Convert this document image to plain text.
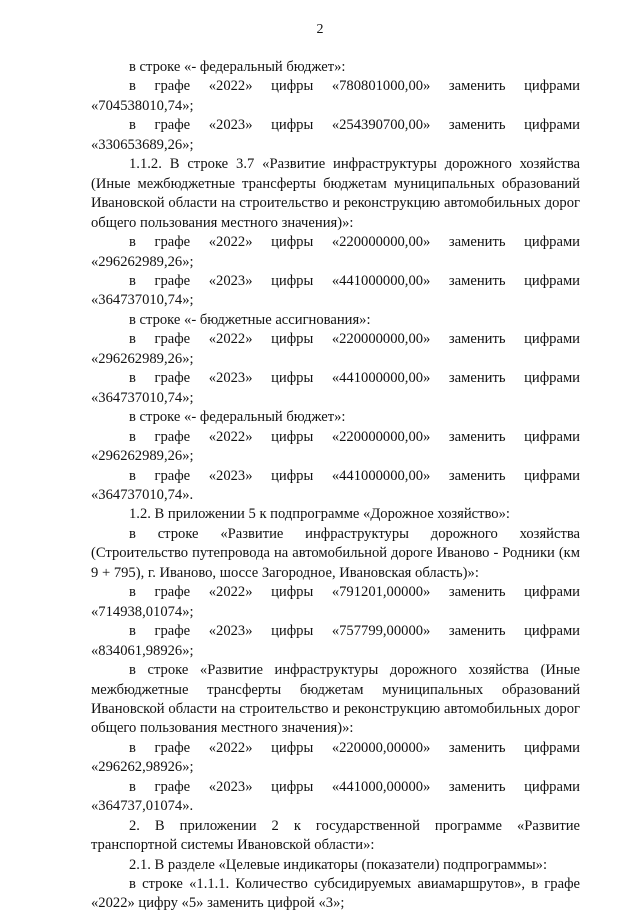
2

в строке «- федеральный бюджет»:

в графе «2022» цифры «780801000,00» заменить цифрами

«704538010,74»;

в графе «2023» цифры «254390700,00» заменить цифрами

«330653689,26»;

1.1.2. В строке 3.7 «Развитие инфраструктуры дорожного хозяйства (Иные межбюджетные трансферты бюджетам муниципальных образований Ивановской области на строительство и реконструкцию автомобильных дорог общего пользования местного значения)»:

в графе «2022» цифры «220000000,00» заменить цифрами

«296262989,26»;

в графе «2023» цифры «441000000,00» заменить цифрами

«364737010,74»;

в строке «- бюджетные ассигнования»:

в графе «2022» цифры «220000000,00» заменить цифрами

«296262989,26»;

в графе «2023» цифры «441000000,00» заменить цифрами

«364737010,74»;

в строке «- федеральный бюджет»:

в графе «2022» цифры «220000000,00» заменить цифрами

«296262989,26»;

в графе «2023» цифры «441000000,00» заменить цифрами

«364737010,74».

1.2. В приложении 5 к подпрограмме «Дорожное хозяйство»:

в строке «Развитие инфраструктуры дорожного хозяйства (Строительство путепровода на автомобильной дороге Иваново - Родники (км 9 + 795), г. Иваново, шоссе Загородное, Ивановская область)»:

в графе «2022» цифры «791201,00000» заменить цифрами

«714938,01074»;

в графе «2023» цифры «757799,00000» заменить цифрами

«834061,98926»;

в строке «Развитие инфраструктуры дорожного хозяйства (Иные межбюджетные трансферты бюджетам муниципальных образований Ивановской области на строительство и реконструкцию автомобильных дорог общего пользования местного значения)»:

в графе «2022» цифры «220000,00000» заменить цифрами

«296262,98926»;

в графе «2023» цифры «441000,00000» заменить цифрами

«364737,01074».

2. В приложении 2 к государственной программе «Развитие транспортной системы Ивановской области»:

2.1. В разделе «Целевые индикаторы (показатели) подпрограммы»:

в строке «1.1.1. Количество субсидируемых авиамаршрутов», в графе «2022» цифру «5» заменить цифрой «3»;
